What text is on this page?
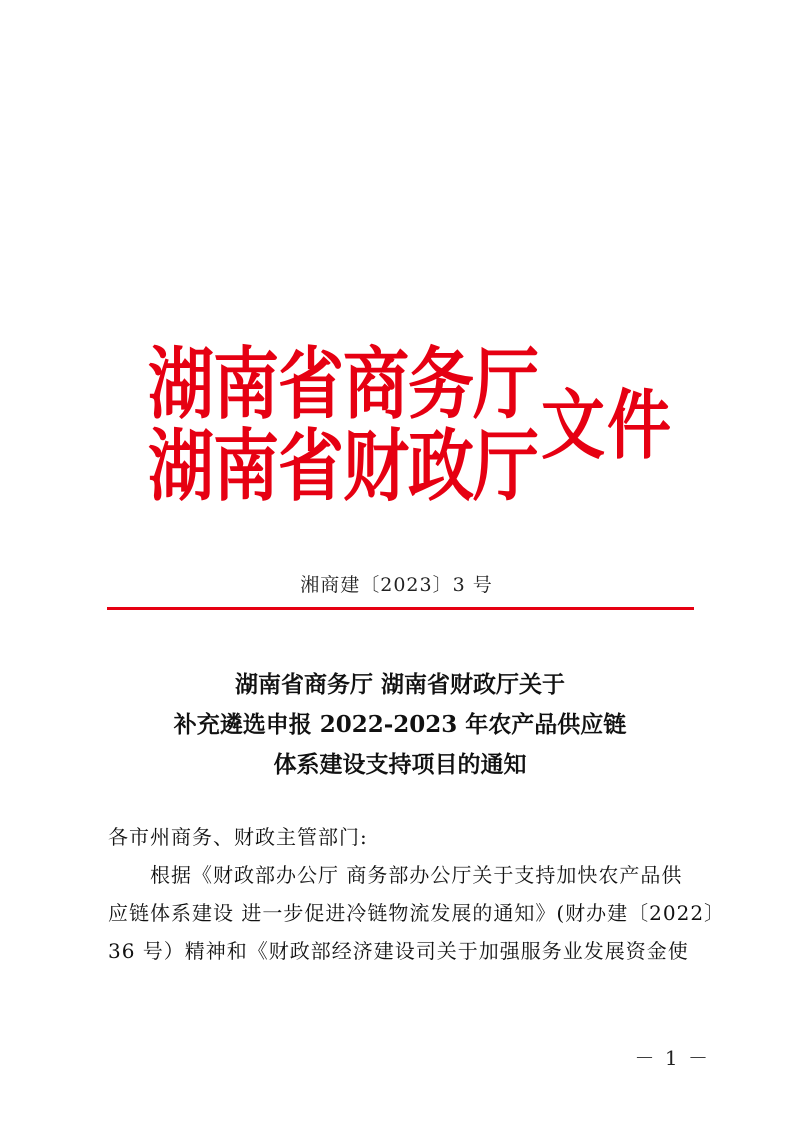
湖南省商务厅
湖南省财政厅 文件
湘商建〔2023〕3 号
湖南省商务厅 湖南省财政厅关于
补充遴选申报 2022-2023 年农产品供应链
体系建设支持项目的通知
各市州商务、财政主管部门:
根据《财政部办公厅 商务部办公厅关于支持加快农产品供
应链体系建设 进一步促进冷链物流发展的通知》(财办建〔2022〕
36 号）精神和《财政部经济建设司关于加强服务业发展资金使
－ 1 －
